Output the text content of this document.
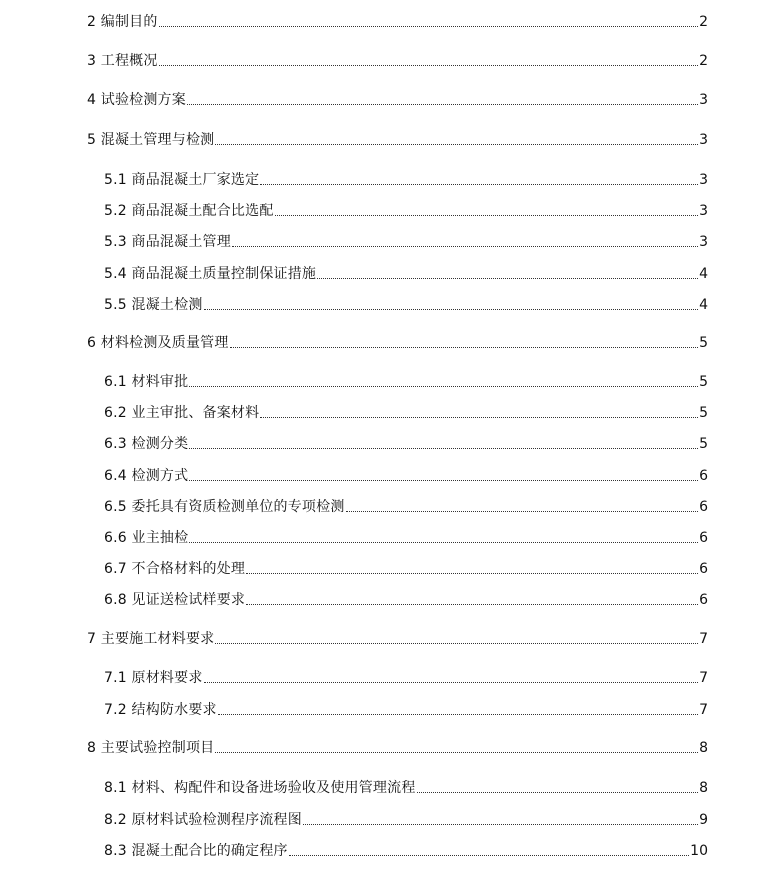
2 编制目的	2
3 工程概况	2
4 试验检测方案	3
5 混凝土管理与检测	3
5.1 商品混凝土厂家选定	3
5.2 商品混凝土配合比选配	3
5.3 商品混凝土管理	3
5.4 商品混凝土质量控制保证措施	4
5.5 混凝土检测	4
6 材料检测及质量管理	5
6.1 材料审批	5
6.2 业主审批、备案材料	5
6.3 检测分类	5
6.4 检测方式	6
6.5 委托具有资质检测单位的专项检测	6
6.6 业主抽检	6
6.7 不合格材料的处理	6
6.8 见证送检试样要求	6
7 主要施工材料要求	7
7.1 原材料要求	7
7.2 结构防水要求	7
8 主要试验控制项目	8
8.1 材料、构配件和设备进场验收及使用管理流程	8
8.2 原材料试验检测程序流程图	9
8.3 混凝土配合比的确定程序	10
